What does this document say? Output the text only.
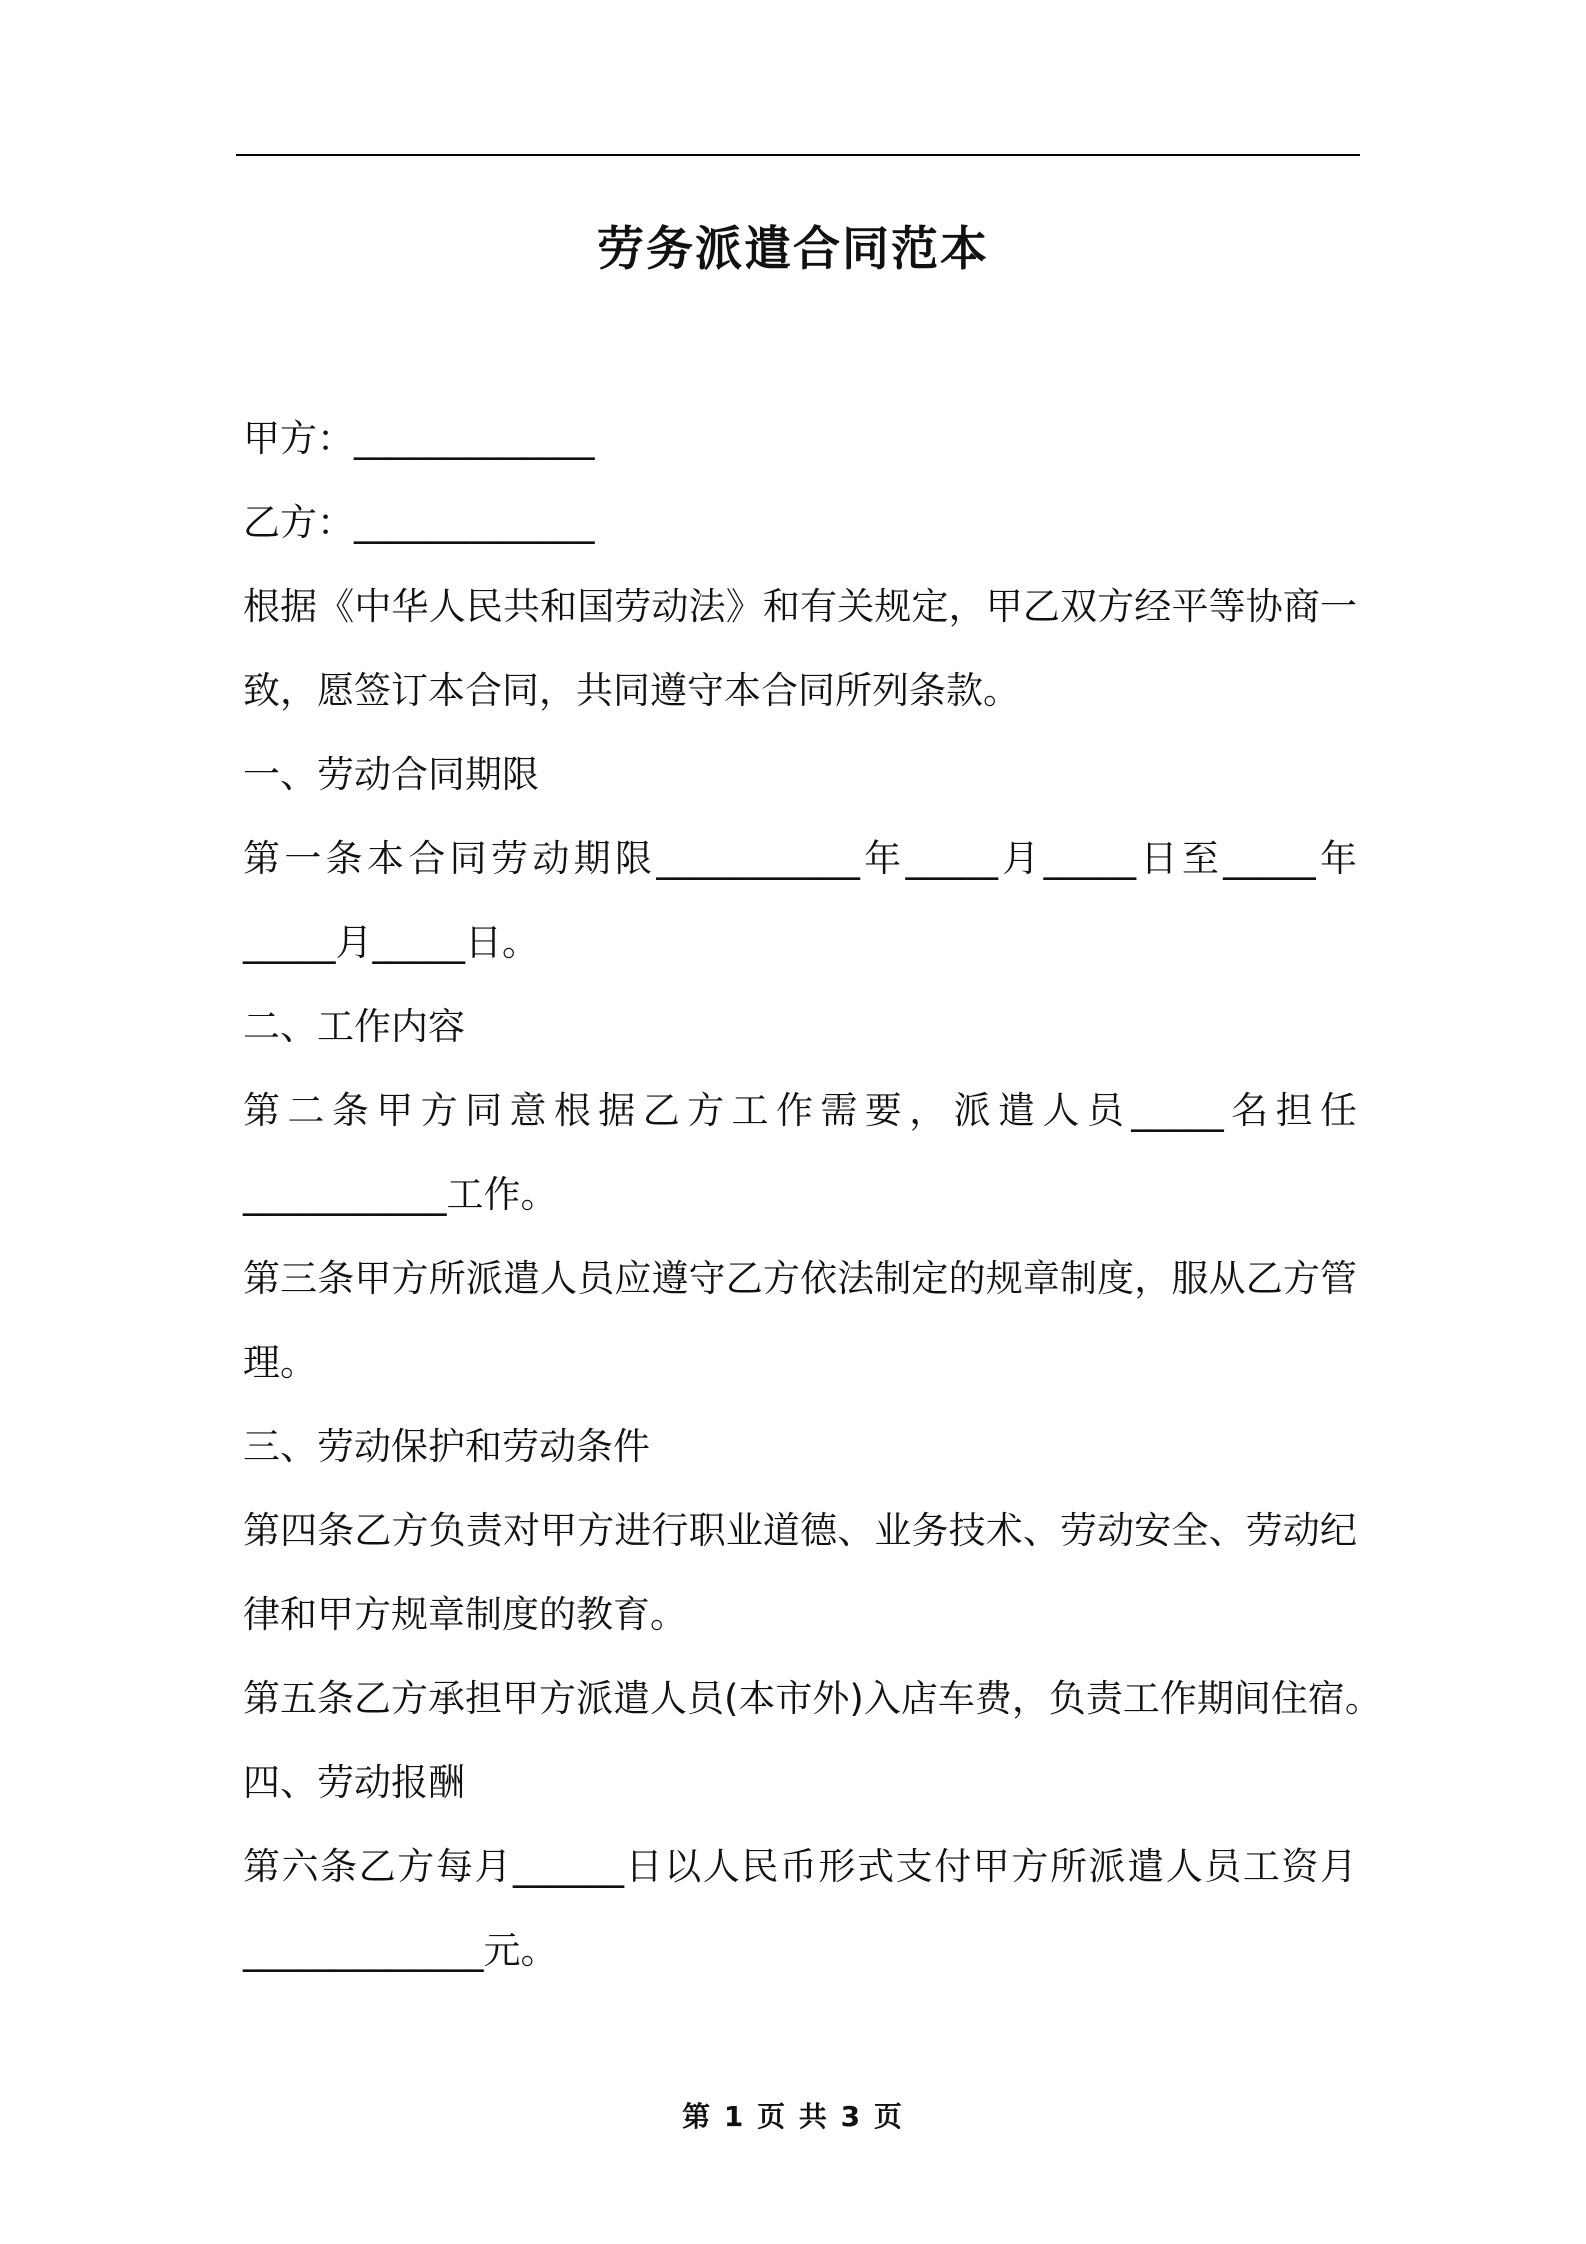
劳务派遣合同范本
甲方：_____________
乙方：_____________
根据《中华人民共和国劳动法》和有关规定，甲乙双方经平等协商一
致，愿签订本合同，共同遵守本合同所列条款。
一、劳动合同期限
第一条本合同劳动期限___________年_____月_____日至_____年
_____月_____日。
二、工作内容
第二条甲方同意根据乙方工作需要，派遣人员_____名担任
___________工作。
第三条甲方所派遣人员应遵守乙方依法制定的规章制度，服从乙方管
理。
三、劳动保护和劳动条件
第四条乙方负责对甲方进行职业道德、业务技术、劳动安全、劳动纪
律和甲方规章制度的教育。
第五条乙方承担甲方派遣人员(本市外)入店车费，负责工作期间住宿。
四、劳动报酬
第六条乙方每月______日以人民币形式支付甲方所派遣人员工资月
_____________元。
第 1 页 共 3 页
